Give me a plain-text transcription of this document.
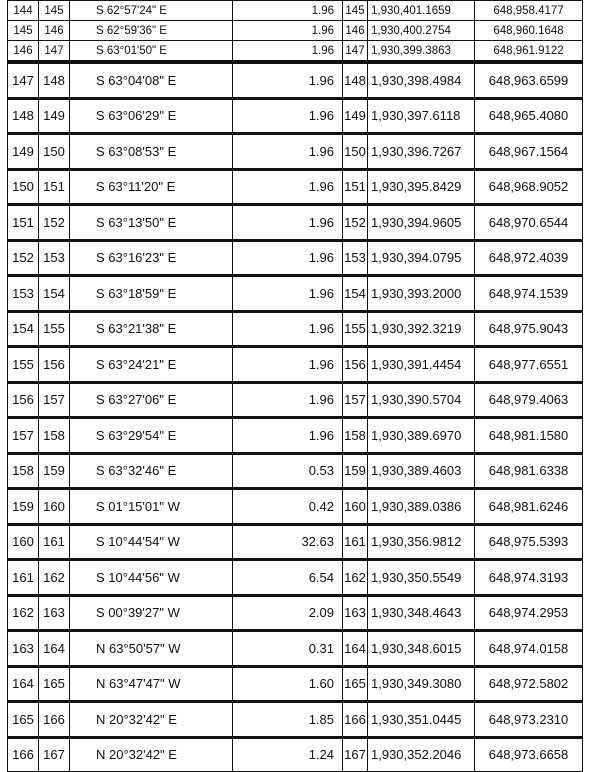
144	145	S 62°57'24" E	1.96	145	1,930,401.1659	648,958.4177
145	146	S 62°59'36" E	1.96	146	1,930,400.2754	648,960.1648
146	147	S 63°01'50" E	1.96	147	1,930,399.3863	648,961.9122
147	148	S 63°04'08" E	1.96	148	1,930,398.4984	648,963.6599
148	149	S 63°06'29" E	1.96	149	1,930,397.6118	648,965.4080
149	150	S 63°08'53" E	1.96	150	1,930,396.7267	648,967.1564
150	151	S 63°11'20" E	1.96	151	1,930,395.8429	648,968.9052
151	152	S 63°13'50" E	1.96	152	1,930,394.9605	648,970.6544
152	153	S 63°16'23" E	1.96	153	1,930,394.0795	648,972.4039
153	154	S 63°18'59" E	1.96	154	1,930,393.2000	648,974.1539
154	155	S 63°21'38" E	1.96	155	1,930,392.3219	648,975.9043
155	156	S 63°24'21" E	1.96	156	1,930,391.4454	648,977.6551
156	157	S 63°27'06" E	1.96	157	1,930,390.5704	648,979.4063
157	158	S 63°29'54" E	1.96	158	1,930,389.6970	648,981.1580
158	159	S 63°32'46" E	0.53	159	1,930,389.4603	648,981.6338
159	160	S 01°15'01" W	0.42	160	1,930,389.0386	648,981.6246
160	161	S 10°44'54" W	32.63	161	1,930,356.9812	648,975.5393
161	162	S 10°44'56" W	6.54	162	1,930,350.5549	648,974.3193
162	163	S 00°39'27" W	2.09	163	1,930,348.4643	648,974.2953
163	164	N 63°50'57" W	0.31	164	1,930,348.6015	648,974.0158
164	165	N 63°47'47" W	1.60	165	1,930,349.3080	648,972.5802
165	166	N 20°32'42" E	1.85	166	1,930,351.0445	648,973.2310
166	167	N 20°32'42" E	1.24	167	1,930,352.2046	648,973.6658
